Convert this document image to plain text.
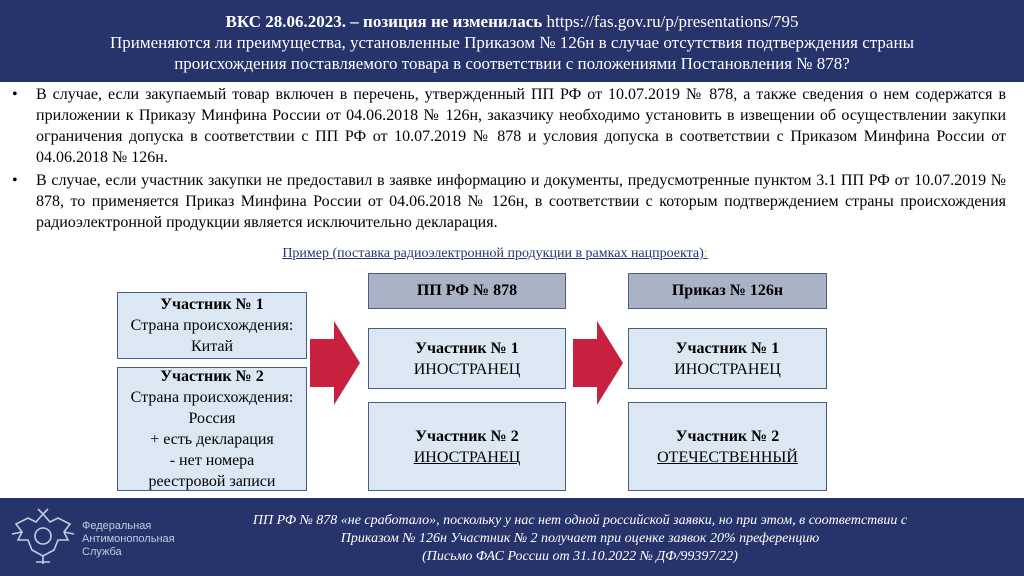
ВКС 28.06.2023. – позиция не изменилась https://fas.gov.ru/p/presentations/795
Применяются ли преимущества, установленные Приказом № 126н в случае отсутствия подтверждения страны
происхождения поставляемого товара в соответствии с положениями Постановления № 878?
• В случае, если закупаемый товар включен в перечень, утвержденный ПП РФ от 10.07.2019 № 878, а также сведения о нем содержатся в приложении к Приказу Минфина России от 04.06.2018 № 126н, заказчику необходимо установить в извещении об осуществлении закупки ограничения допуска в соответствии с ПП РФ от 10.07.2019 № 878 и условия допуска в соответствии с Приказом Минфина России от 04.06.2018 № 126н.
• В случае, если участник закупки не предоставил в заявке информацию и документы, предусмотренные пунктом 3.1 ПП РФ от 10.07.2019 № 878, то применяется Приказ Минфина России от 04.06.2018 № 126н, в соответствии с которым подтверждением страны происхождения радиоэлектронной продукции является исключительно декларация.
Пример (поставка радиоэлектронной продукции в рамках нацпроекта):
Участник № 1
Страна происхождения:
Китай
Участник № 2
Страна происхождения:
Россия
+ есть декларация
- нет номера
реестровой записи
ПП РФ № 878
Участник № 1
ИНОСТРАНЕЦ
Участник № 2
ИНОСТРАНЕЦ
Приказ № 126н
Участник № 1
ИНОСТРАНЕЦ
Участник № 2
ОТЕЧЕСТВЕННЫЙ
Федеральная
Антимонопольная
Служба
ПП РФ № 878 «не сработало», поскольку у нас нет одной российской заявки, но при этом, в соответствии с
Приказом № 126н Участник № 2 получает при оценке заявок 20% преференцию
(Письмо ФАС России от 31.10.2022 № ДФ/99397/22)
